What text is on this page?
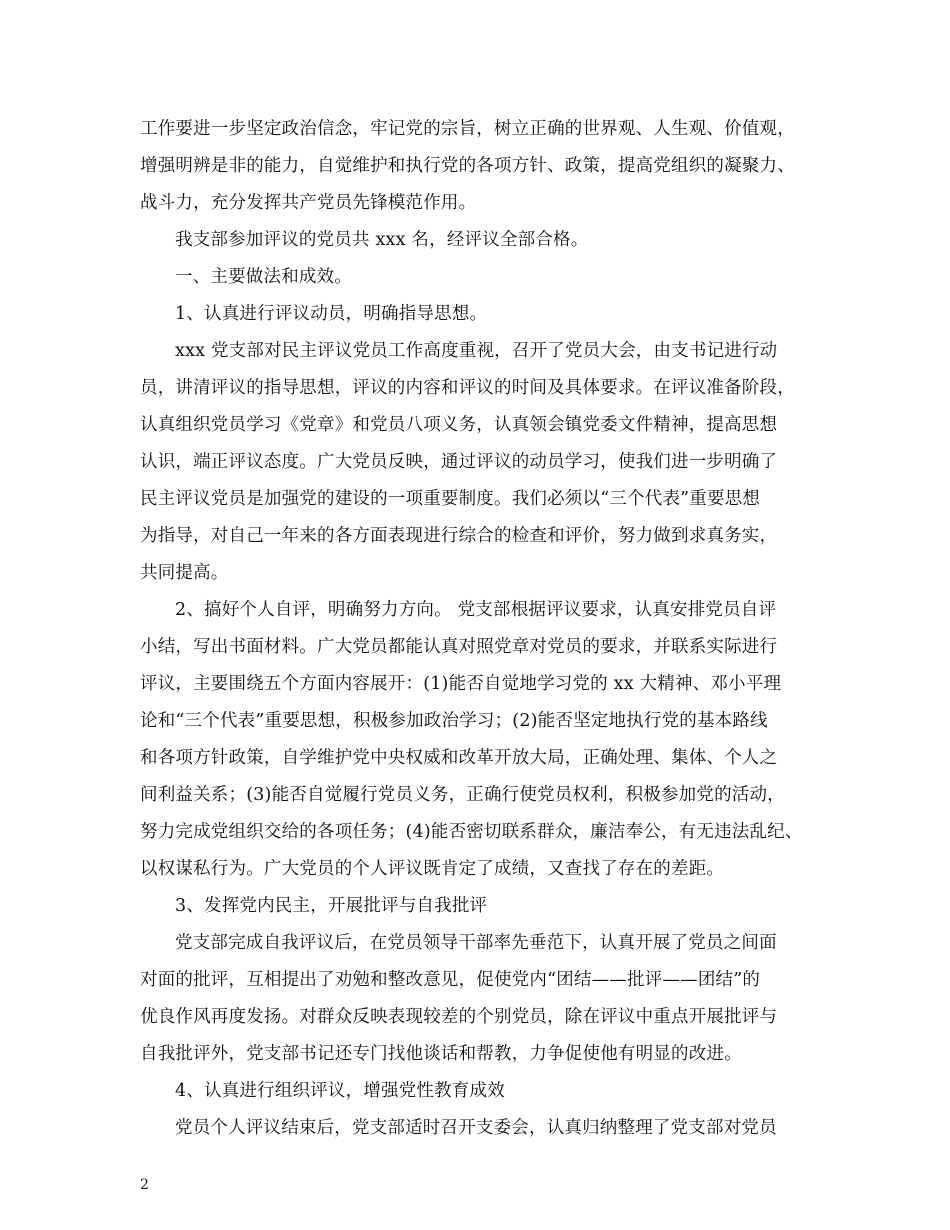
工作要进一步坚定政治信念，牢记党的宗旨，树立正确的世界观、人生观、价值观，
增强明辨是非的能力，自觉维护和执行党的各项方针、政策，提高党组织的凝聚力、
战斗力，充分发挥共产党员先锋模范作用。
我支部参加评议的党员共 xxx 名，经评议全部合格。
一、主要做法和成效。
1、认真进行评议动员，明确指导思想。
xxx 党支部对民主评议党员工作高度重视，召开了党员大会，由支书记进行动
员，讲清评议的指导思想，评议的内容和评议的时间及具体要求。在评议准备阶段，
认真组织党员学习《党章》和党员八项义务，认真领会镇党委文件精神，提高思想
认识，端正评议态度。广大党员反映，通过评议的动员学习，使我们进一步明确了
民主评议党员是加强党的建设的一项重要制度。我们必须以“三个代表”重要思想
为指导，对自己一年来的各方面表现进行综合的检查和评价，努力做到求真务实，
共同提高。
2、搞好个人自评，明确努力方向。 党支部根据评议要求，认真安排党员自评
小结，写出书面材料。广大党员都能认真对照党章对党员的要求，并联系实际进行
评议，主要围绕五个方面内容展开：(1)能否自觉地学习党的 xx 大精神、邓小平理
论和“三个代表”重要思想，积极参加政治学习；(2)能否坚定地执行党的基本路线
和各项方针政策，自学维护党中央权威和改革开放大局，正确处理、集体、个人之
间利益关系；(3)能否自觉履行党员义务，正确行使党员权利，积极参加党的活动，
努力完成党组织交给的各项任务；(4)能否密切联系群众，廉洁奉公，有无违法乱纪、
以权谋私行为。广大党员的个人评议既肯定了成绩，又查找了存在的差距。
3、发挥党内民主，开展批评与自我批评
党支部完成自我评议后，在党员领导干部率先垂范下，认真开展了党员之间面
对面的批评，互相提出了劝勉和整改意见，促使党内“团结——批评——团结”的
优良作风再度发扬。对群众反映表现较差的个别党员，除在评议中重点开展批评与
自我批评外，党支部书记还专门找他谈话和帮教，力争促使他有明显的改进。
4、认真进行组织评议，增强党性教育成效
党员个人评议结束后，党支部适时召开支委会，认真归纳整理了党支部对党员
2
